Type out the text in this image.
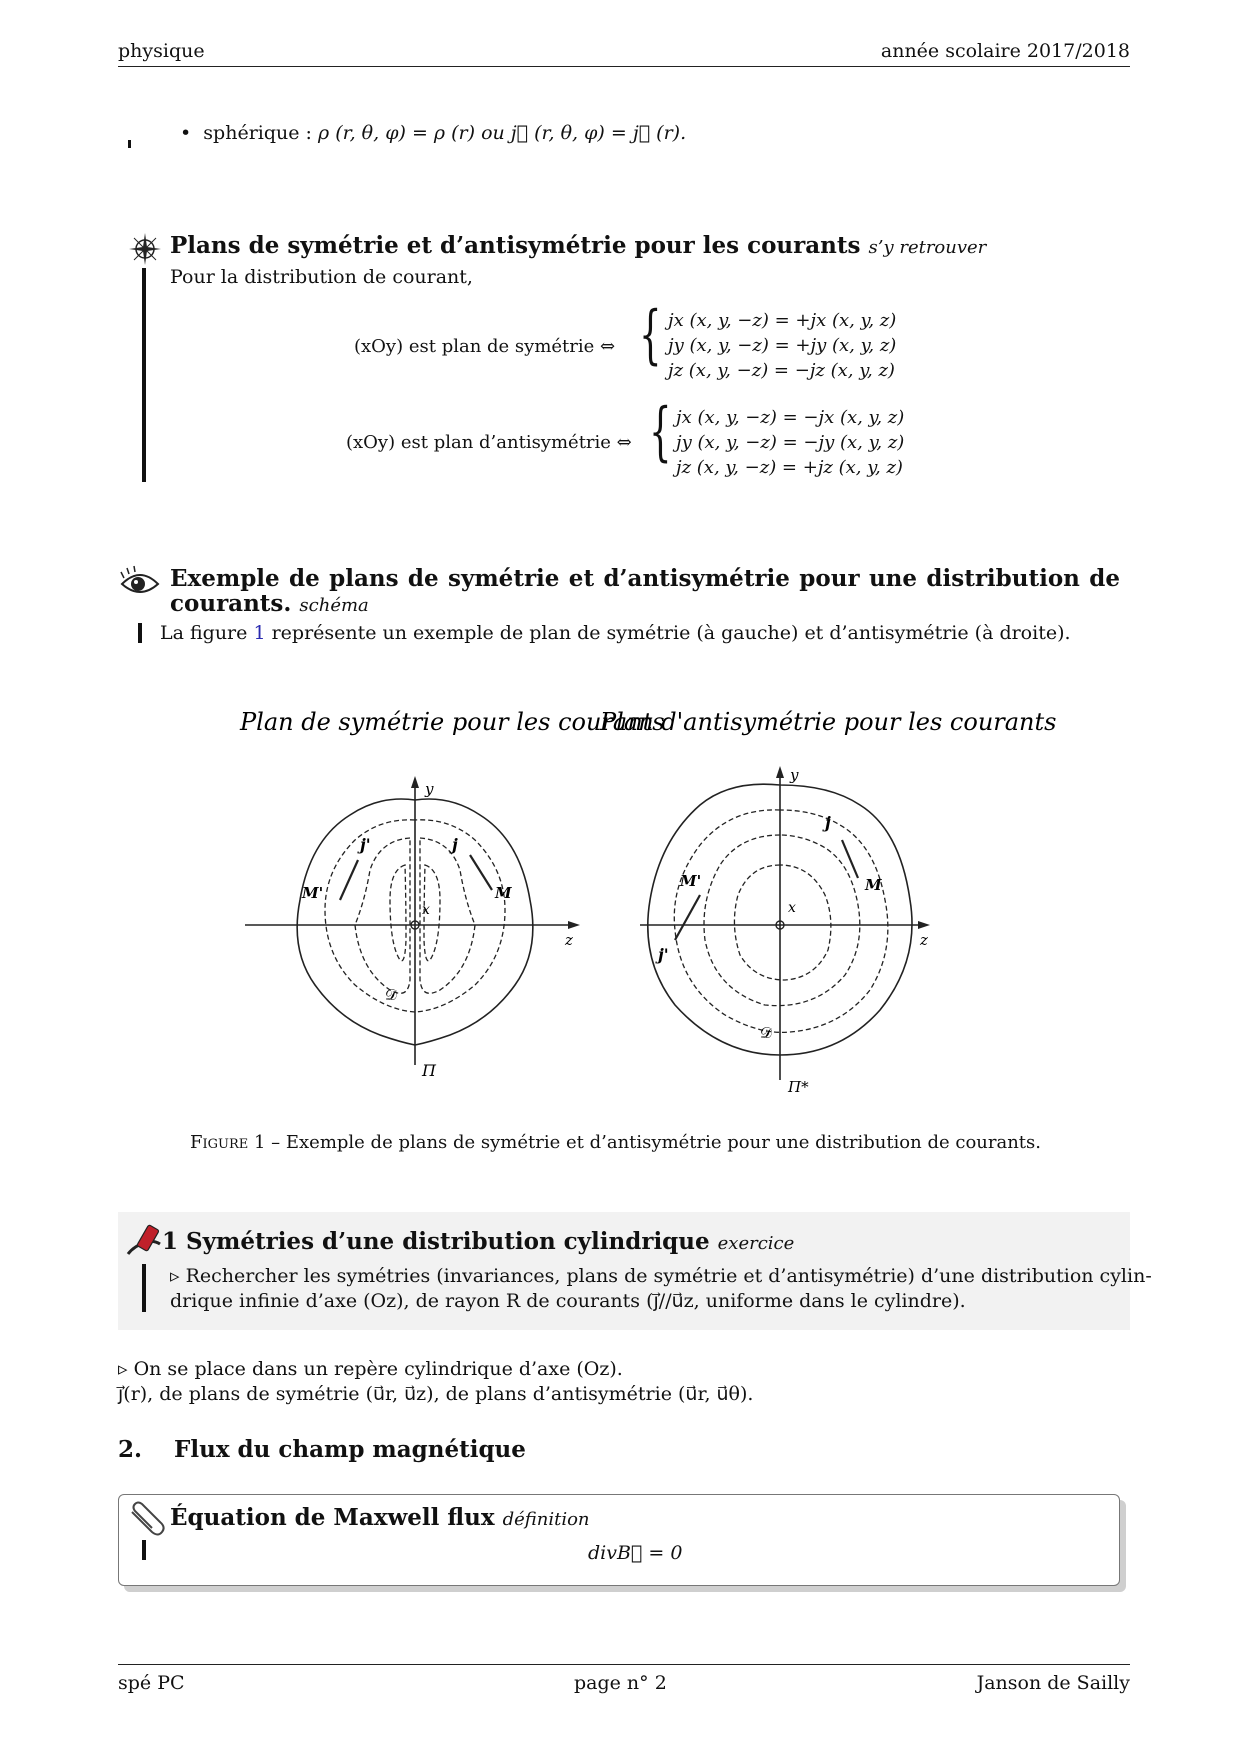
physique	année scolaire 2017/2018
•  sphérique : ρ (r, θ, φ) = ρ (r) ou j⃗ (r, θ, φ) = j⃗ (r).
Plans de symétrie et d’antisymétrie pour les courants s’y retrouver
Pour la distribution de courant,
(xOy) est plan de symétrie ⇔ { jx (x, y, −z) = +jx (x, y, z)
jy (x, y, −z) = +jy (x, y, z)
jz (x, y, −z) = −jz (x, y, z)
(xOy) est plan d’antisymétrie ⇔ { jx (x, y, −z) = −jx (x, y, z)
jy (x, y, −z) = −jy (x, y, z)
jz (x, y, −z) = +jz (x, y, z)
Exemple de plans de symétrie et d’antisymétrie pour une distribution de courants. schéma
La figure 1 représente un exemple de plan de symétrie (à gauche) et d’antisymétrie (à droite).
Plan de symétrie pour les courants
Plan d'antisymétrie pour les courants
y
z
x
M
M'
j
j'
𝒟
Π
y
z
x
M
M'
j
j'
𝒟
Π*
Figure 1 – Exemple de plans de symétrie et d’antisymétrie pour une distribution de courants.
1 Symétries d’une distribution cylindrique exercice
▹ Rechercher les symétries (invariances, plans de symétrie et d’antisymétrie) d’une distribution cylin-
drique infinie d’axe (Oz), de rayon R de courants (j⃗//u⃗z, uniforme dans le cylindre).
▹ On se place dans un repère cylindrique d’axe (Oz).
j⃗(r), de plans de symétrie (u⃗r, u⃗z), de plans d’antisymétrie (u⃗r, u⃗θ).
2. Flux du champ magnétique
Équation de Maxwell flux définition
divB⃗ = 0
spé PC	page n° 2	Janson de Sailly
